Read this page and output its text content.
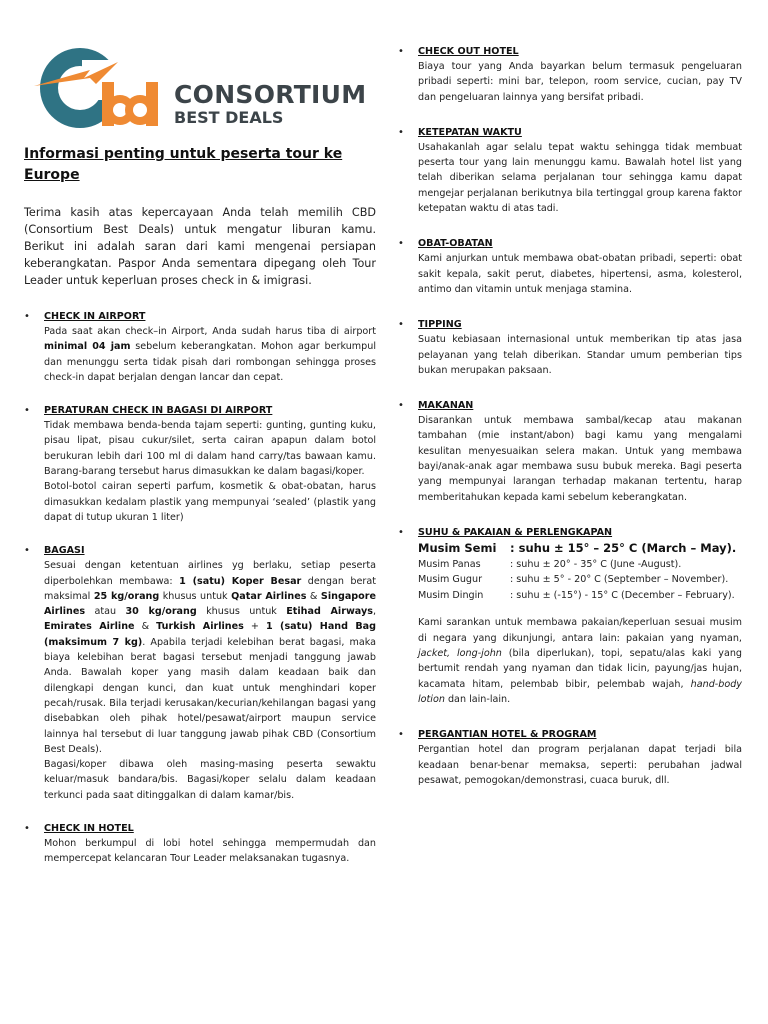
CONSORTIUM
BEST DEALS
Informasi penting untuk peserta tour ke
Europe
Terima kasih atas kepercayaan Anda telah memilih CBD (Consortium Best Deals) untuk mengatur liburan kamu. Berikut ini adalah saran dari kami mengenai persiapan keberangkatan. Paspor Anda sementara dipegang oleh Tour Leader untuk keperluan proses check in & imigrasi.
• CHECK IN AIRPORT
Pada saat akan check–in Airport, Anda sudah harus tiba di airport minimal 04 jam sebelum keberangkatan. Mohon agar berkumpul dan menunggu serta tidak pisah dari rombongan sehingga proses check-in dapat berjalan dengan lancar dan cepat.
• PERATURAN CHECK IN BAGASI DI AIRPORT
Tidak membawa benda-benda tajam seperti: gunting, gunting kuku, pisau lipat, pisau cukur/silet, serta cairan apapun dalam botol berukuran lebih dari 100 ml di dalam hand carry/tas bawaan kamu. Barang-barang tersebut harus dimasukkan ke dalam bagasi/koper.
Botol-botol cairan seperti parfum, kosmetik & obat-obatan, harus dimasukkan kedalam plastik yang mempunyai ‘sealed’ (plastik yang dapat di tutup ukuran 1 liter)
• BAGASI
Sesuai dengan ketentuan airlines yg berlaku, setiap peserta diperbolehkan membawa: 1 (satu) Koper Besar dengan berat maksimal 25 kg/orang khusus untuk Qatar Airlines & Singapore Airlines atau 30 kg/orang khusus untuk Etihad Airways, Emirates Airline & Turkish Airlines + 1 (satu) Hand Bag (maksimum 7 kg). Apabila terjadi kelebihan berat bagasi, maka biaya kelebihan berat bagasi tersebut menjadi tanggung jawab Anda. Bawalah koper yang masih dalam keadaan baik dan dilengkapi dengan kunci, dan kuat untuk menghindari koper pecah/rusak. Bila terjadi kerusakan/kecurian/kehilangan bagasi yang disebabkan oleh pihak hotel/pesawat/airport maupun service lainnya hal tersebut di luar tanggung jawab pihak CBD (Consortium Best Deals).
Bagasi/koper dibawa oleh masing-masing peserta sewaktu keluar/masuk bandara/bis. Bagasi/koper selalu dalam keadaan terkunci pada saat ditinggalkan di dalam kamar/bis.
• CHECK IN HOTEL
Mohon berkumpul di lobi hotel sehingga mempermudah dan mempercepat kelancaran Tour Leader melaksanakan tugasnya.
• CHECK OUT HOTEL
Biaya tour yang Anda bayarkan belum termasuk pengeluaran pribadi seperti: mini bar, telepon, room service, cucian, pay TV dan pengeluaran lainnya yang bersifat pribadi.
• KETEPATAN WAKTU
Usahakanlah agar selalu tepat waktu sehingga tidak membuat peserta tour yang lain menunggu kamu. Bawalah hotel list yang telah diberikan selama perjalanan tour sehingga kamu dapat mengejar perjalanan berikutnya bila tertinggal group karena faktor ketepatan waktu di atas tadi.
• OBAT-OBATAN
Kami anjurkan untuk membawa obat-obatan pribadi, seperti: obat sakit kepala, sakit perut, diabetes, hipertensi, asma, kolesterol, antimo dan vitamin untuk menjaga stamina.
• TIPPING
Suatu kebiasaan internasional untuk memberikan tip atas jasa pelayanan yang telah diberikan. Standar umum pemberian tips bukan merupakan paksaan.
• MAKANAN
Disarankan untuk membawa sambal/kecap atau makanan tambahan (mie instant/abon) bagi kamu yang mengalami kesulitan menyesuaikan selera makan. Untuk yang membawa bayi/anak-anak agar membawa susu bubuk mereka. Bagi peserta yang mempunyai larangan terhadap makanan tertentu, harap memberitahukan kepada kami sebelum keberangkatan.
• SUHU & PAKAIAN & PERLENGKAPAN
Musim Semi	: suhu ± 15° – 25° C (March – May).
Musim Panas	: suhu ± 20° - 35° C (June -August).
Musim Gugur	: suhu ± 5° - 20° C (September – November).
Musim Dingin	: suhu ± (-15°) - 15° C (December – February).
Kami sarankan untuk membawa pakaian/keperluan sesuai musim di negara yang dikunjungi, antara lain: pakaian yang nyaman, jacket, long-john (bila diperlukan), topi, sepatu/alas kaki yang bertumit rendah yang nyaman dan tidak licin, payung/jas hujan, kacamata hitam, pelembab bibir, pelembab wajah, hand-body lotion dan lain-lain.
• PERGANTIAN HOTEL & PROGRAM
Pergantian hotel dan program perjalanan dapat terjadi bila keadaan benar-benar memaksa, seperti: perubahan jadwal pesawat, pemogokan/demonstrasi, cuaca buruk, dll.
